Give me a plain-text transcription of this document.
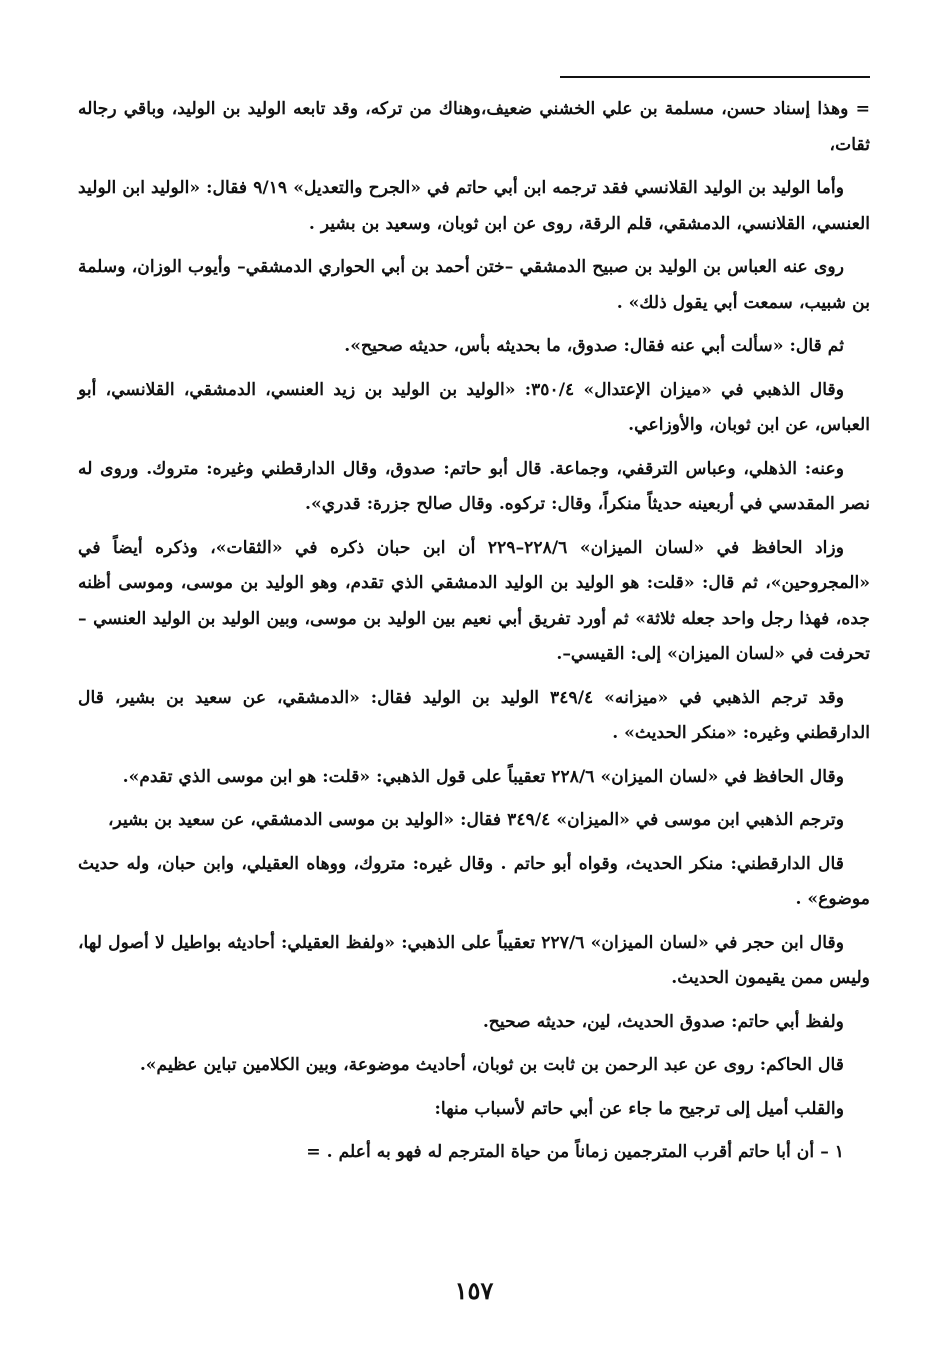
= وهذا إسناد حسن، مسلمة بن علي الخشني ضعيف،وهناك من تركه، وقد تابعه الوليد بن الوليد، وباقي رجاله ثقات،

وأما الوليد بن الوليد القلانسي فقد ترجمه ابن أبي حاتم في «الجرح والتعديل» ٩/١٩ فقال: «الوليد ابن الوليد العنسي، القلانسي، الدمشقي، قلم الرقة، روى عن ابن ثوبان، وسعيد بن بشير .

روى عنه العباس بن الوليد بن صبيح الدمشقي –ختن أحمد بن أبي الحواري الدمشقي– وأيوب الوزان، وسلمة بن شبيب، سمعت أبي يقول ذلك» .

ثم قال: «سألت أبي عنه فقال: صدوق، ما بحديثه بأس، حديثه صحيح».

وقال الذهبي في «ميزان الإعتدال» ٣٥٠/٤: «الوليد بن الوليد بن زيد العنسي، الدمشقي، القلانسي، أبو العباس، عن ابن ثوبان، والأوزاعي.

وعنه: الذهلي، وعباس الترقفي، وجماعة. قال أبو حاتم: صدوق، وقال الدارقطني وغيره: متروك. وروى له نصر المقدسي في أربعينه حديثاً منكراً، وقال: تركوه. وقال صالح جزرة: قدري».

وزاد الحافظ في «لسان الميزان» ٢٢٨/٦–٢٢٩ أن ابن حبان ذكره في «الثقات»، وذكره أيضاً في «المجروحين»، ثم قال: «قلت: هو الوليد بن الوليد الدمشقي الذي تقدم، وهو الوليد بن موسى، وموسى أظنه جده، فهذا رجل واحد جعله ثلاثة» ثم أورد تفريق أبي نعيم بين الوليد بن موسى، وبين الوليد بن الوليد العنسي –تحرفت في «لسان الميزان» إلى: القيسي–.

وقد ترجم الذهبي في «ميزانه» ٣٤٩/٤ الوليد بن الوليد فقال: «الدمشقي، عن سعيد بن بشير، قال الدارقطني وغيره: «منكر الحديث» .

وقال الحافظ في «لسان الميزان» ٢٢٨/٦ تعقيباً على قول الذهبي: «قلت: هو ابن موسى الذي تقدم».

وترجم الذهبي ابن موسى في «الميزان» ٣٤٩/٤ فقال: «الوليد بن موسى الدمشقي، عن سعيد بن بشير،

قال الدارقطني: منكر الحديث، وقواه أبو حاتم . وقال غيره: متروك، ووهاه العقيلي، وابن حبان، وله حديث موضوع» .

وقال ابن حجر في «لسان الميزان» ٢٢٧/٦ تعقيباً على الذهبي: «ولفظ العقيلي: أحاديثه بواطيل لا أصول لها، وليس ممن يقيمون الحديث.

ولفظ أبي حاتم: صدوق الحديث، لين، حديثه صحيح.

قال الحاكم: روى عن عبد الرحمن بن ثابت بن ثوبان، أحاديث موضوعة، وبين الكلامين تباين عظيم».

والقلب أميل إلى ترجيح ما جاء عن أبي حاتم لأسباب منها:

١ – أن أبا حاتم أقرب المترجمين زماناً من حياة المترجم له فهو به أعلم . =

١٥٧
